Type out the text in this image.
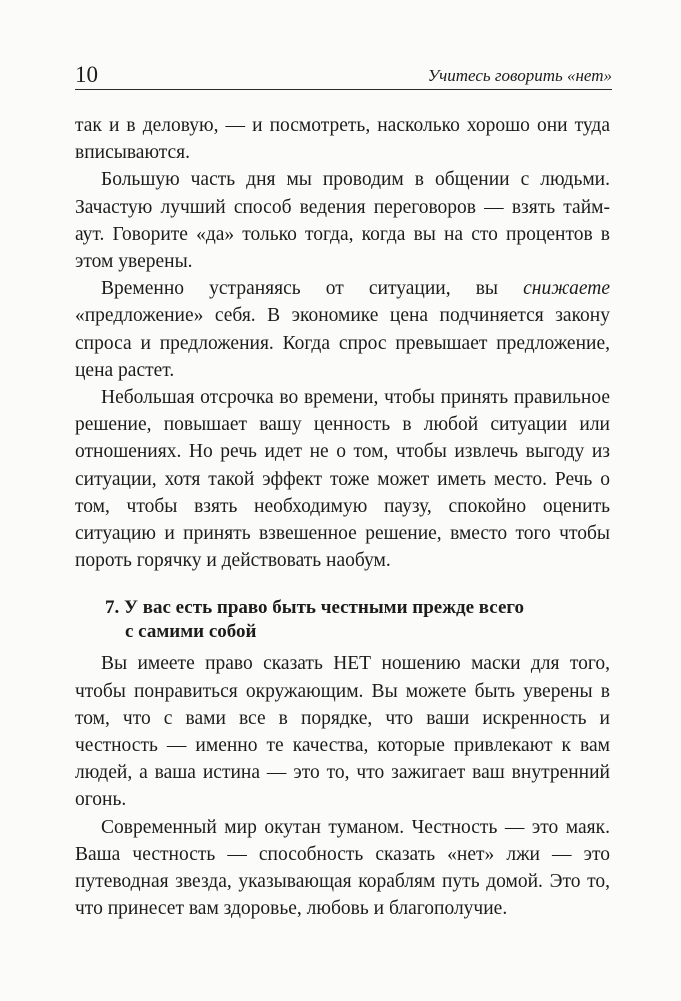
10	Учитесь говорить «нет»

так и в деловую, — и посмотреть, насколько хорошо они туда вписываются.

Большую часть дня мы проводим в общении с людьми. Зачастую лучший способ ведения переговоров — взять тайм-аут. Говорите «да» только тогда, когда вы на сто процентов в этом уверены.

Временно устраняясь от ситуации, вы снижаете «предложение» себя. В экономике цена подчиняется закону спроса и предложения. Когда спрос превышает предложение, цена растет.

Небольшая отсрочка во времени, чтобы принять правильное решение, повышает вашу ценность в любой ситуации или отношениях. Но речь идет не о том, чтобы извлечь выгоду из ситуации, хотя такой эффект тоже может иметь место. Речь о том, чтобы взять необходимую паузу, спокойно оценить ситуацию и принять взвешенное решение, вместо того чтобы пороть горячку и действовать наобум.

7. У вас есть право быть честными прежде всего
с самими собой

Вы имеете право сказать НЕТ ношению маски для того, чтобы понравиться окружающим. Вы можете быть уверены в том, что с вами все в порядке, что ваши искренность и честность — именно те качества, которые привлекают к вам людей, а ваша истина — это то, что зажигает ваш внутренний огонь.

Современный мир окутан туманом. Честность — это маяк. Ваша честность — способность сказать «нет» лжи — это путеводная звезда, указывающая кораблям путь домой. Это то, что принесет вам здоровье, любовь и благополучие.
